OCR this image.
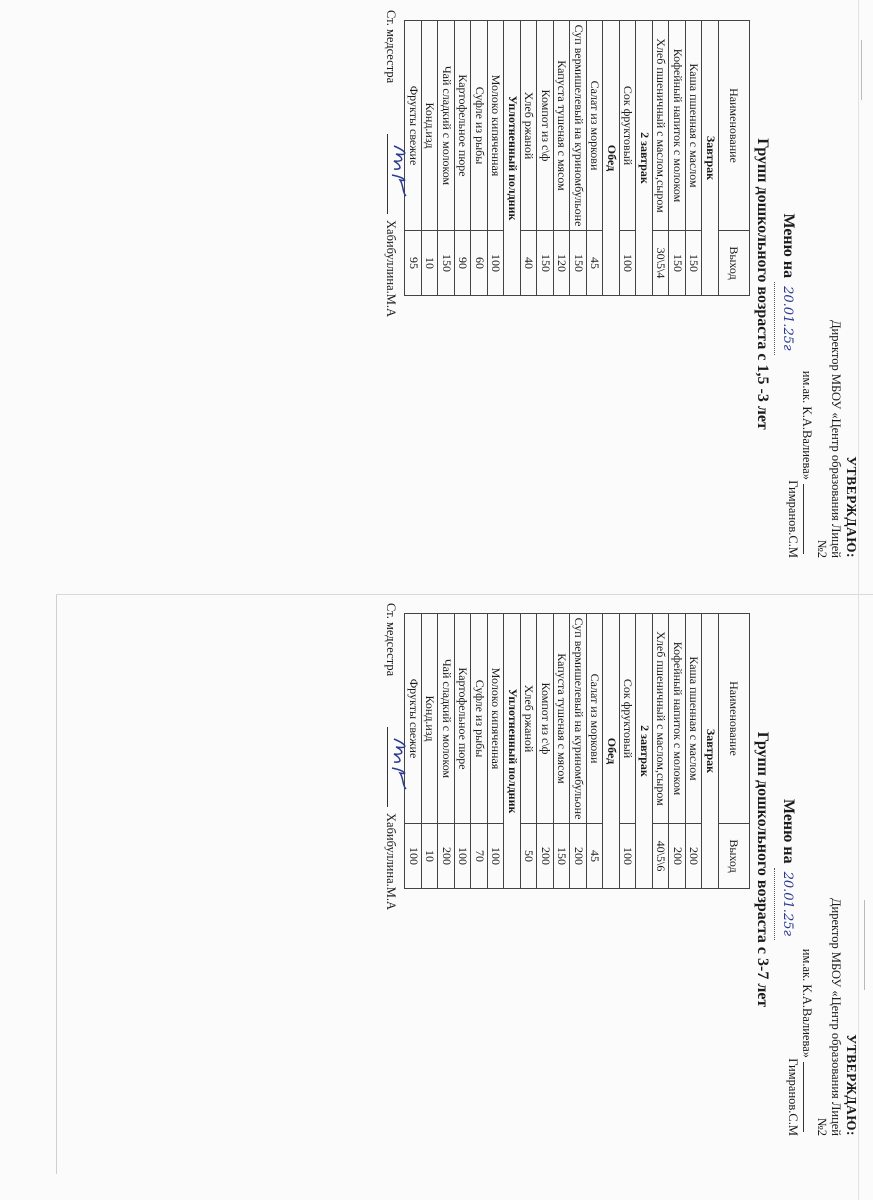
УТВЕРЖДАЮ:
Директор МБОУ «Центр образования Лицей №2
им.ак. К.А.Валиева»Гимранов.С.М
Меню на 20.01.25г
Групп дошкольного возраста с 1,5 -3 лет
Наименование	Выход
Завтрак	
Каша пшенная с маслом	150
Кофейный напиток с молоком	150
Хлеб пшеничный с маслом,сыром	30\5\4
2 завтрак	
Сок фруктовый	100
Обед	
Салат из моркови	45
Суп вермишелевый на куриномбульоне	150
Капуста тушеная с мясом	120
Компот из с\ф	150
Хлеб ржаной	40
Уплотненный полдник	
Молоко кипяченная	100
Суфле из рыбы	60
Картофельное пюре	90
Чай сладкий с молоком	150
Конд.изд	10
Фрукты свежие	95
Ст. медсестра
Хабибуллина.М.А
УТВЕРЖДАЮ:
Директор МБОУ «Центр образования Лицей №2
им.ак. К.А.Валиева»Гимранов.С.М
Меню на 20.01.25г
Групп дошкольного возраста с 3-7 лет
Наименование	Выход
Завтрак	
Каша пшенная с маслом	200
Кофейный напиток с молоком	200
Хлеб пшеничный с маслом,сыром	40\5\6
2 завтрак	
Сок фруктовый	100
Обед	
Салат из моркови	45
Суп вермишелевый на куриномбульоне	200
Капуста тушеная с мясом	150
Компот из с\ф	200
Хлеб ржаной	50
Уплотненный полдник	
Молоко кипяченная	100
Суфле из рыбы	70
Картофельное пюре	100
Чай сладкий с молоком	200
Конд.изд	10
Фрукты свежие	100
Ст. медсестра
Хабибуллина.М.А
